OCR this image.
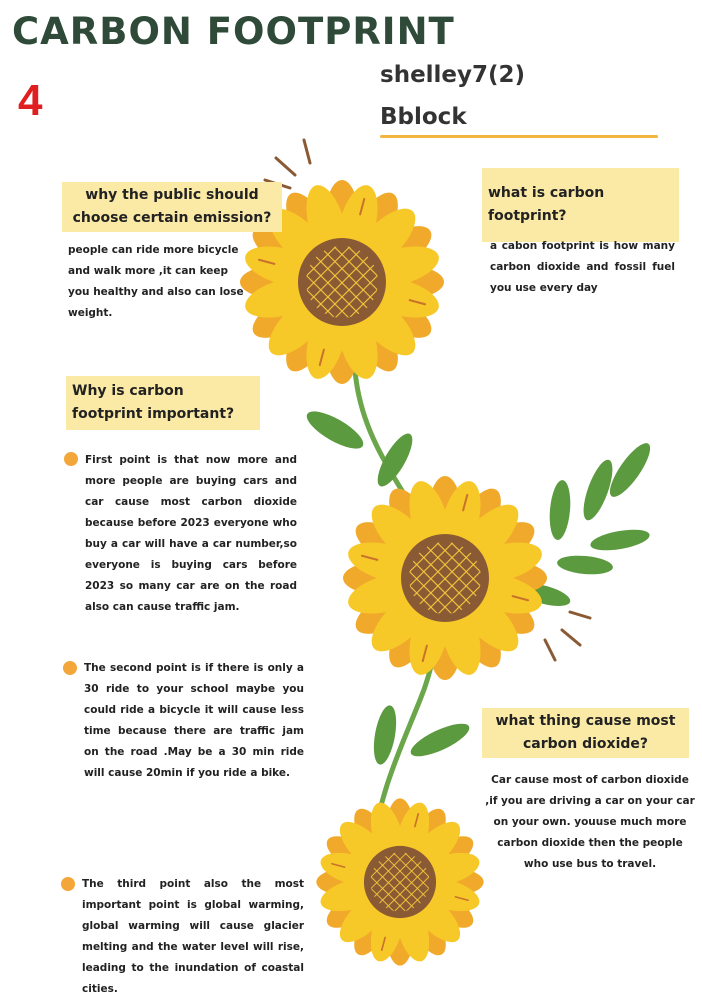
CARBON FOOTPRINT
4
shelley7(2)
Bblock
why the public should choose certain emission?
people can ride more bicycle and walk more ,it can keep you healthy and also can lose weight.
what is carbon footprint?
a cabon footprint is how many carbon dioxide and fossil fuel you use every day
Why is carbon footprint important?
First point is that now more and more people are buying cars and car cause most carbon dioxide because before 2023 everyone who buy a car will have a car number,so everyone is buying cars before 2023 so many car are on the road also can cause traffic jam.
The second point is if there is only a 30 ride to your school maybe you could ride a bicycle it will cause less time because there are traffic jam on the road .May be a 30 min ride will cause 20min if you ride a bike.
The third point also the most important point is global warming, global warming will cause glacier melting and the water level will rise, leading to the inundation of coastal cities.
what thing cause most carbon dioxide?
Car cause most of carbon dioxide ,if you are driving a car on your car on your own. youuse much more carbon dioxide then the people who use bus to travel.
